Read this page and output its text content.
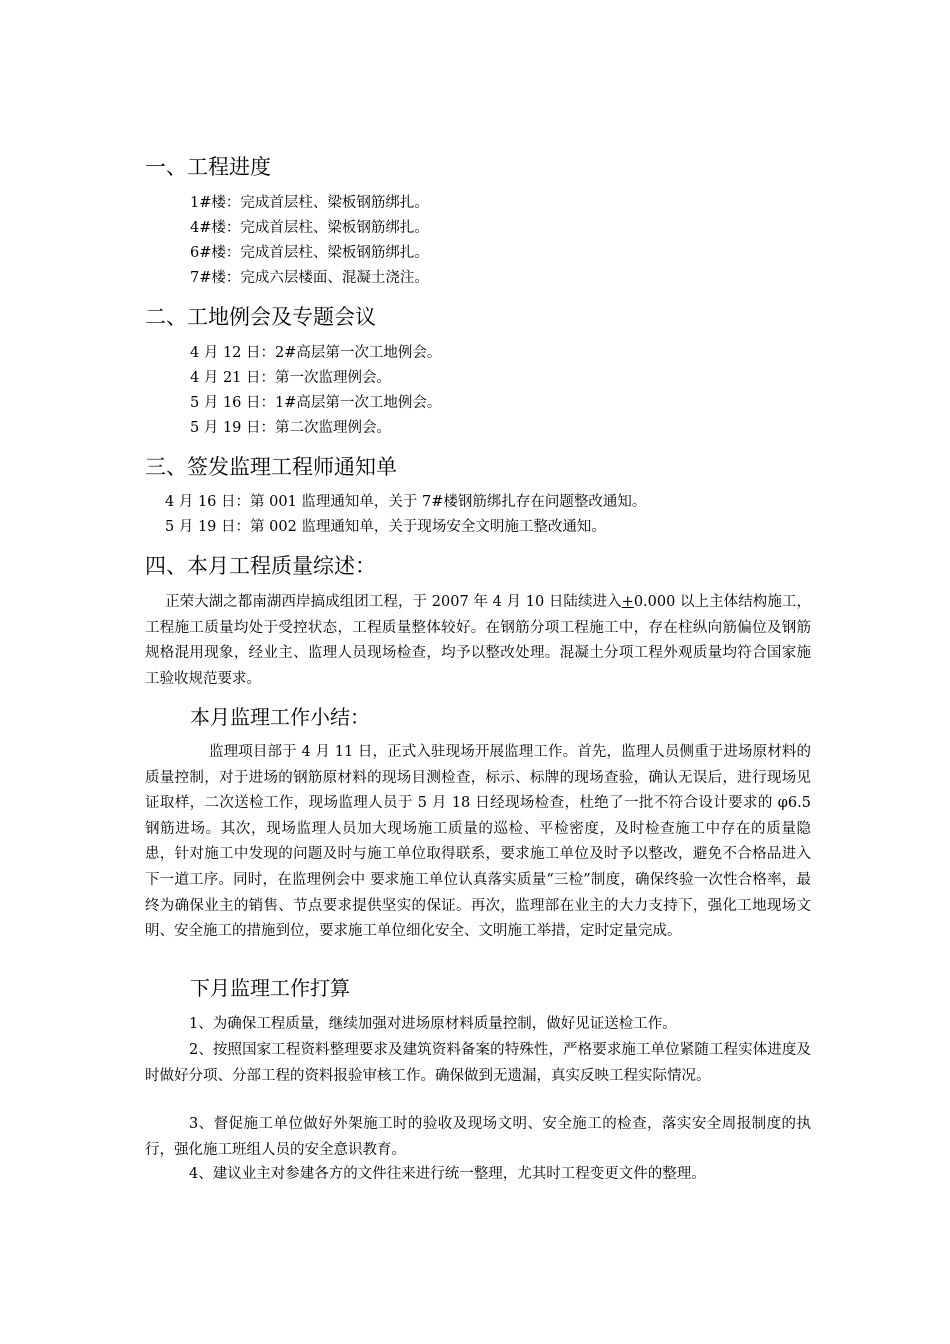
一、工程进度
1#楼：完成首层柱、梁板钢筋绑扎。
4#楼：完成首层柱、梁板钢筋绑扎。
6#楼：完成首层柱、梁板钢筋绑扎。
7#楼：完成六层楼面、混凝土浇注。
二、工地例会及专题会议
4 月 12 日：2#高层第一次工地例会。
4 月 21 日：第一次监理例会。
5 月 16 日：1#高层第一次工地例会。
5 月 19 日：第二次监理例会。
三、签发监理工程师通知单
4 月 16 日：第 001 监理通知单，关于 7#楼钢筋绑扎存在问题整改通知。
5 月 19 日：第 002 监理通知单，关于现场安全文明施工整改通知。
四、本月工程质量综述：
正荣大湖之都南湖西岸搞成组团工程，于 2007 年 4 月 10 日陆续进入+0.000 以上主体结构施工，工程施工质量均处于受控状态，工程质量整体较好。在钢筋分项工程施工中，存在柱纵向筋偏位及钢筋规格混用现象，经业主、监理人员现场检查，均予以整改处理。混凝土分项工程外观质量均符合国家施工验收规范要求。
本月监理工作小结：
监理项目部于 4 月 11 日，正式入驻现场开展监理工作。首先，监理人员侧重于进场原材料的质量控制，对于进场的钢筋原材料的现场目测检查，标示、标牌的现场查验，确认无误后，进行现场见证取样，二次送检工作，现场监理人员于 5 月 18 日经现场检查，杜绝了一批不符合设计要求的 φ6.5 钢筋进场。其次，现场监理人员加大现场施工质量的巡检、平检密度，及时检查施工中存在的质量隐患，针对施工中发现的问题及时与施工单位取得联系，要求施工单位及时予以整改，避免不合格品进入下一道工序。同时，在监理例会中 要求施工单位认真落实质量“三检”制度，确保终验一次性合格率，最终为确保业主的销售、节点要求提供坚实的保证。再次，监理部在业主的大力支持下，强化工地现场文明、安全施工的措施到位，要求施工单位细化安全、文明施工举措，定时定量完成。
下月监理工作打算
1、为确保工程质量，继续加强对进场原材料质量控制，做好见证送检工作。
2、按照国家工程资料整理要求及建筑资料备案的特殊性，严格要求施工单位紧随工程实体进度及时做好分项、分部工程的资料报验审核工作。确保做到无遗漏，真实反映工程实际情况。
3、督促施工单位做好外架施工时的验收及现场文明、安全施工的检查，落实安全周报制度的执行，强化施工班组人员的安全意识教育。
4、建议业主对参建各方的文件往来进行统一整理，尤其时工程变更文件的整理。
